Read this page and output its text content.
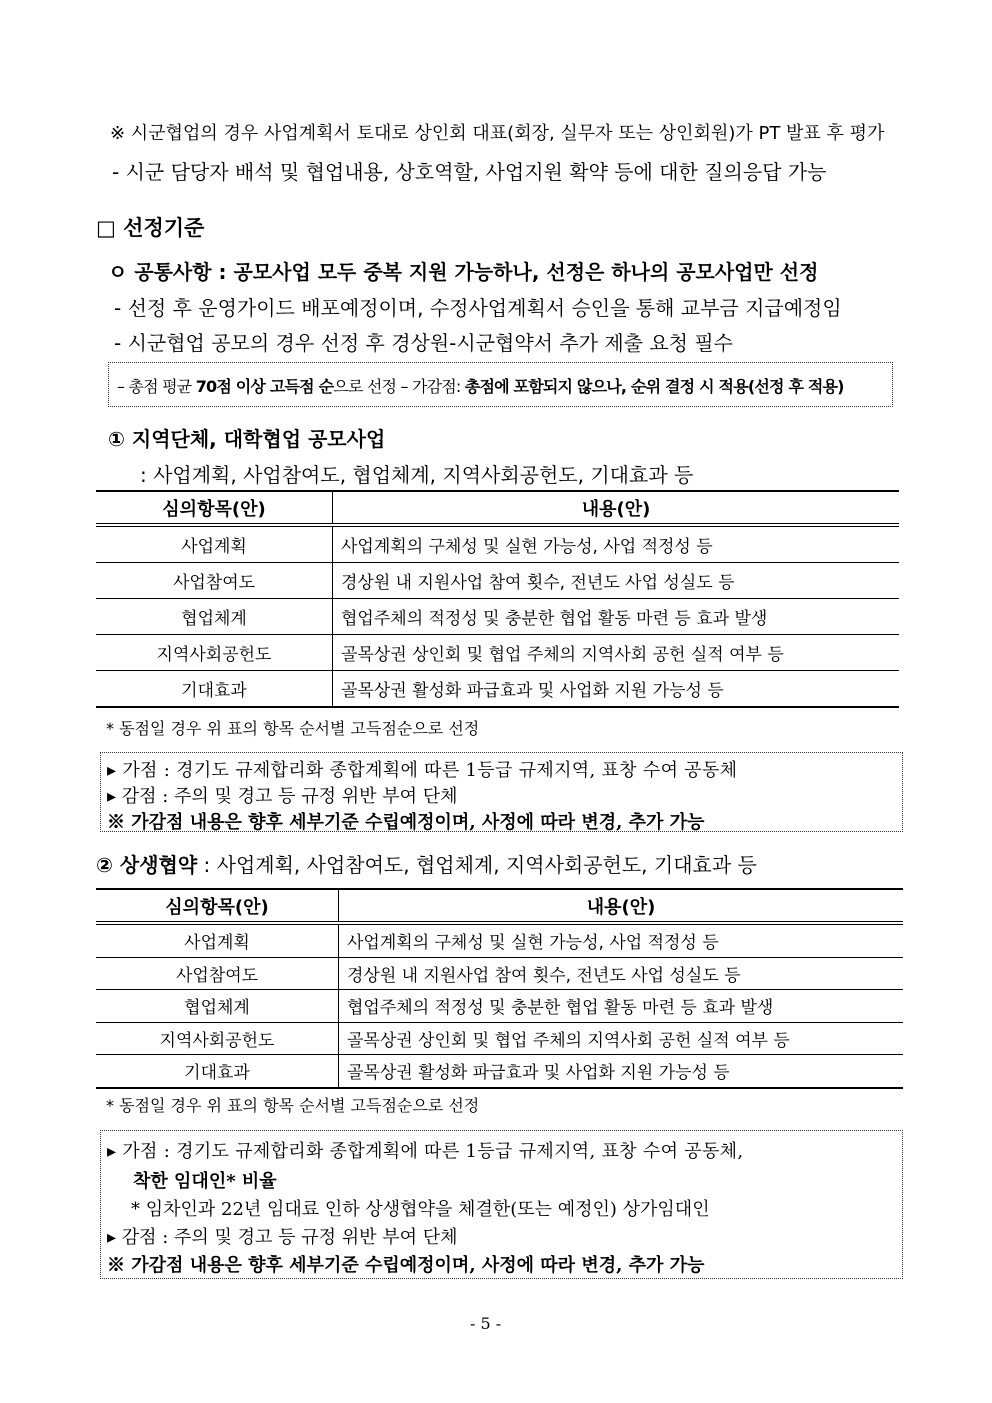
※ 시군협업의 경우 사업계획서 토대로 상인회 대표(회장, 실무자 또는 상인회원)가 PT 발표 후 평가
- 시군 담당자 배석 및 협업내용, 상호역할, 사업지원 확약 등에 대한 질의응답 가능
□ 선정기준
ㅇ 공통사항 : 공모사업 모두 중복 지원 가능하나, 선정은 하나의 공모사업만 선정
- 선정 후 운영가이드 배포예정이며, 수정사업계획서 승인을 통해 교부금 지급예정임
- 시군협업 공모의 경우 선정 후 경상원-시군협약서 추가 제출 요청 필수
– 총점 평균 70점 이상 고득점 순으로 선정 – 가감점: 총점에 포함되지 않으나, 순위 결정 시 적용(선정 후 적용)
① 지역단체, 대학협업 공모사업
: 사업계획, 사업참여도, 협업체계, 지역사회공헌도, 기대효과 등
심의항목(안)	내용(안)
사업계획	사업계획의 구체성 및 실현 가능성, 사업 적정성 등
사업참여도	경상원 내 지원사업 참여 횟수, 전년도 사업 성실도 등
협업체계	협업주체의 적정성 및 충분한 협업 활동 마련 등 효과 발생
지역사회공헌도	골목상권 상인회 및 협업 주체의 지역사회 공헌 실적 여부 등
기대효과	골목상권 활성화 파급효과 및 사업화 지원 가능성 등
* 동점일 경우 위 표의 항목 순서별 고득점순으로 선정
▸ 가점 : 경기도 규제합리화 종합계획에 따른 1등급 규제지역, 표창 수여 공동체
▸ 감점 : 주의 및 경고 등 규정 위반 부여 단체
※ 가감점 내용은 향후 세부기준 수립예정이며, 사정에 따라 변경, 추가 가능
② 상생협약 : 사업계획, 사업참여도, 협업체계, 지역사회공헌도, 기대효과 등
심의항목(안)	내용(안)
사업계획	사업계획의 구체성 및 실현 가능성, 사업 적정성 등
사업참여도	경상원 내 지원사업 참여 횟수, 전년도 사업 성실도 등
협업체계	협업주체의 적정성 및 충분한 협업 활동 마련 등 효과 발생
지역사회공헌도	골목상권 상인회 및 협업 주체의 지역사회 공헌 실적 여부 등
기대효과	골목상권 활성화 파급효과 및 사업화 지원 가능성 등
* 동점일 경우 위 표의 항목 순서별 고득점순으로 선정
▸ 가점 : 경기도 규제합리화 종합계획에 따른 1등급 규제지역, 표창 수여 공동체,
착한 임대인* 비율
* 임차인과 22년 임대료 인하 상생협약을 체결한(또는 예정인) 상가임대인
▸ 감점 : 주의 및 경고 등 규정 위반 부여 단체
※ 가감점 내용은 향후 세부기준 수립예정이며, 사정에 따라 변경, 추가 가능
- 5 -
